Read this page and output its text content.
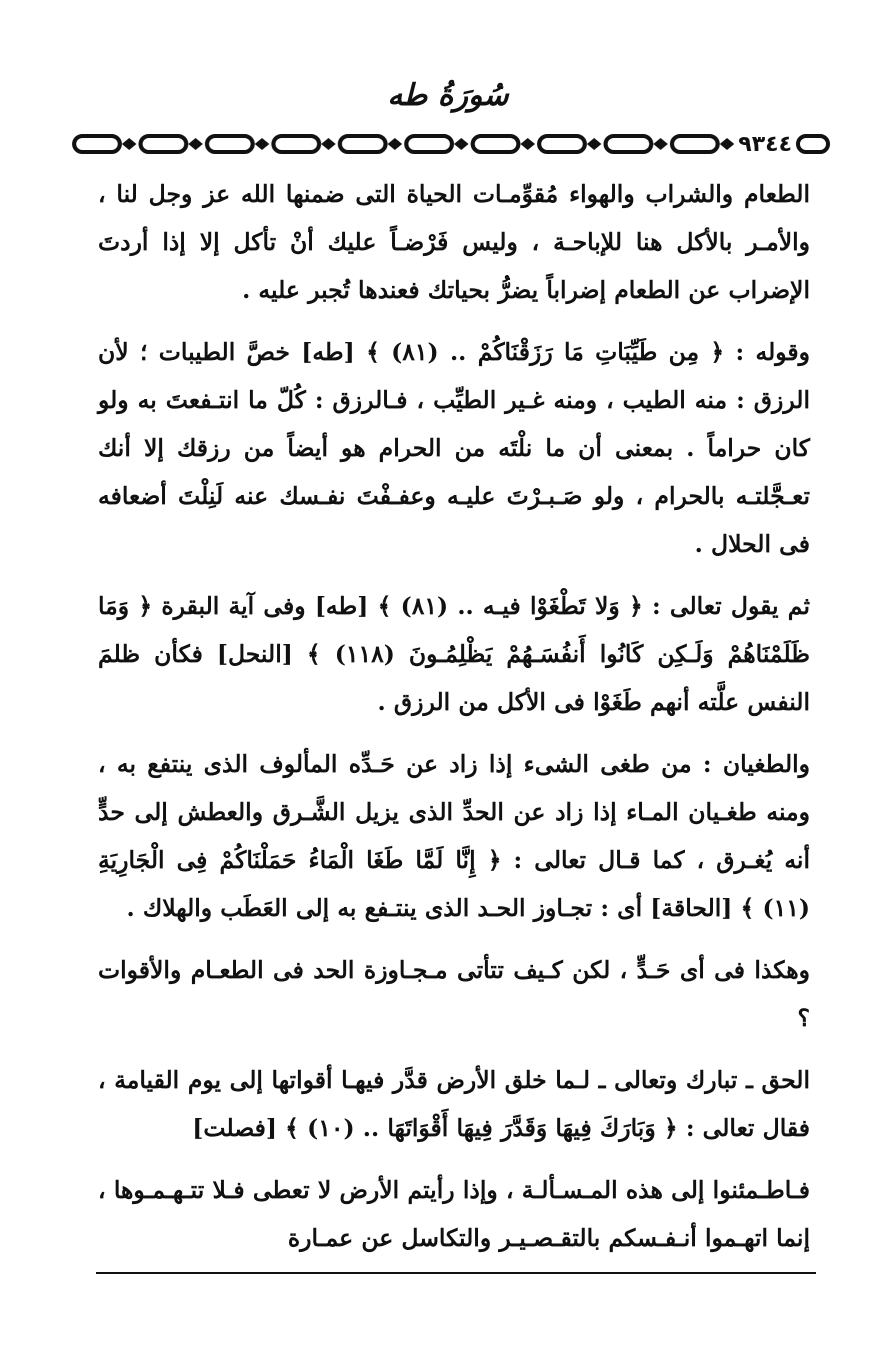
سُورَةُ طه
٩٣٤٤

الطعام والشراب والهواء مُقوِّمـات الحياة التى ضمنها الله عز وجل لنا ، والأمـر بالأكل هنا للإباحـة ، وليس فَرْضـاً عليك أنْ تأكل إلا إذا أردتَ الإضراب عن الطعام إضراباً يضرُّ بحياتك فعندها تُجبر عليه .

وقوله : ﴿ مِن طَيِّبَاتِ مَا رَزَقْنَاكُمْ .. (٨١) ﴾ [طه] خصَّ الطيبات ؛ لأن الرزق : منه الطيب ، ومنه غـير الطيِّب ، فـالرزق : كُلّ ما انتـفعتَ به ولو كان حراماً . بمعنى أن ما نلْتَه من الحرام هو أيضاً من رزقك إلا أنك تعـجَّلتـه بالحرام ، ولو صَـبـرْتَ عليـه وعفـفْتَ نفـسك عنه لَنِلْتَ أضعافه فى الحلال .

ثم يقول تعالى : ﴿ وَلا تَطْغَوْا فيـه .. (٨١) ﴾ [طه] وفى آية البقرة ﴿ وَمَا ظَلَمْنَاهُمْ وَلَـكِن كَانُوا أَنفُسَـهُمْ يَظْلِمُـونَ (١١٨) ﴾ [النحل] فكأن ظلمَ النفس علَّته أنهم طَغَوْا فى الأكل من الرزق .

والطغيان : من طغى الشىء إذا زاد عن حَـدِّه المألوف الذى ينتفع به ، ومنه طغـيان المـاء إذا زاد عن الحدِّ الذى يزيل الشَّـرق والعطش إلى حدٍّ أنه يُغـرق ، كما قـال تعالى : ﴿ إِنَّا لَمَّا طَغَا الْمَاءُ حَمَلْنَاكُمْ فِى الْجَارِيَةِ (١١) ﴾ [الحاقة] أى : تجـاوز الحـد الذى ينتـفع به إلى العَطَب والهلاك .

وهكذا فى أى حَـدٍّ ، لكن كـيف تتأتى مـجـاوزة الحد فى الطعـام والأقوات ؟

الحق ـ تبارك وتعالى ـ لـما خلق الأرض قدَّر فيهـا أقواتها إلى يوم القيامة ، فقال تعالى : ﴿ وَبَارَكَ فِيهَا وَقَدَّرَ فِيهَا أَقْوَاتَهَا .. (١٠) ﴾ [فصلت]

فـاطـمئنوا إلى هذه المـسـألـة ، وإذا رأيتم الأرض لا تعطى فـلا تتـهـمـوها ، إنما اتهـموا أنـفـسكم بالتقـصـيـر والتكاسل عن عمـارة
